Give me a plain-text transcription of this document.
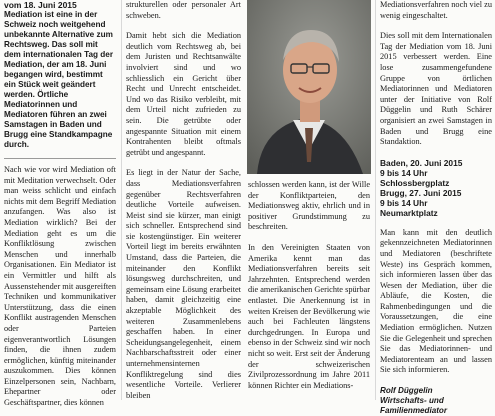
vom 18. Juni 2015

Mediation ist eine in der Schweiz noch weitgehend unbekannte Alternative zum Rechtsweg. Das soll mit dem internationalen Tag der Mediation, der am 18. Juni begangen wird, bestimmt ein Stück weit geändert werden. Örtliche Mediatorinnen und Mediatoren führen an zwei Samstagen in Baden und Brugg eine Standkampagne durch.

Nach wie vor wird Mediation oft mit Meditation verwechselt. Oder man weiss schlicht und einfach nichts mit dem Begriff Mediation anzufangen. Was also ist Mediation wirklich? Bei der Mediation geht es um die Konfliktlösung zwischen Menschen und innerhalb Organisationen. Ein Mediator ist ein Vermittler und hilft als Aussenstehender mit ausgereiften Techniken und kommunikativer Unterstützung, dass die einen Konflikt austragenden Menschen oder Parteien eigenverantwortlich Lösungen finden, die ihnen zudem ermöglichen, künftig miteinander auszukommen. Dies können Einzelpersonen sein, Nachbarn, Ehepartner oder Geschäftspartner, dies können

strukturellen oder personaler Art schweben.

Damit hebt sich die Mediation deutlich vom Rechtsweg ab, bei dem Juristen und Rechtsanwälte involviert sind und wo schliesslich ein Gericht über Recht und Unrecht entscheidet. Und wo das Risiko verbleibt, mit dem Urteil nicht zufrieden zu sein. Die getrübte oder angespannte Situation mit einem Kontrahenten bleibt oftmals getrübt und angespannt.

Es liegt in der Natur der Sache, dass Mediationsverfahren gegenüber Rechtsverfahren deutliche Vorteile aufweisen. Meist sind sie kürzer, man einigt sich schneller. Entsprechend sind sie kostengünstiger. Ein weiterer Vorteil liegt im bereits erwähnten Umstand, dass die Parteien, die miteinander den Konflikt lösungsweg durchschreiten, und gemeinsam eine Lösung erarbeitet haben, damit gleichzeitig eine akzeptable Möglichkeit des weiteren Zusammenlebens geschaffen haben. In einer Scheidungsangelegenheit, einem Nachbarschaftsstreit oder einer unternehmensinternen Konfliktregelung sind dies wesentliche Vorteile. Verlierer bleiben

schlossen werden kann, ist der Wille der Konfliktparteien, den Mediationsweg aktiv, ehrlich und in positiver Grundstimmung zu beschreiten.

In den Vereinigten Staaten von Amerika kennt man das Mediationsverfahren bereits seit Jahrzehnten. Entsprechend werden die amerikanischen Gerichte spürbar entlastet. Die Anerkennung ist in weiten Kreisen der Bevölkerung wie auch bei Fachleuten längstens durchgedrungen. In Europa und ebenso in der Schweiz sind wir noch nicht so weit. Erst seit der Änderung der schweizerischen Zivilprozessordnung im Jahre 2011 können Richter ein Mediations-

Mediationsverfahren noch viel zu wenig eingeschaltet.

Dies soll mit dem Internationalen Tag der Mediation vom 18. Juni 2015 verbessert werden. Eine lose zusammengefundene Gruppe von örtlichen Mediatorinnen und Mediatoren unter der Initiative von Rolf Düggelin und Ruth Schärer organisiert an zwei Samstagen in Baden und Brugg eine Standaktion.

Baden, 20. Juni 2015
9 bis 14 Uhr
Schlossbergplatz
Brugg, 27. Juni 2015
9 bis 14 Uhr
Neumarktplatz

Man kann mit den deutlich gekennzeichneten Mediatorinnen und Mediatoren (beschriftete Weste) ins Gespräch kommen, sich informieren lassen über das Wesen der Mediation, über die Abläufe, die Kosten, die Rahmenbedingungen und die Voraussetzungen, die eine Mediation ermöglichen. Nutzen Sie die Gelegenheit und sprechen Sie das Mediatorinnen- und Mediatorenteam an und lassen Sie sich informieren.

Rolf Düggelin
Wirtschafts- und Familienmediator
